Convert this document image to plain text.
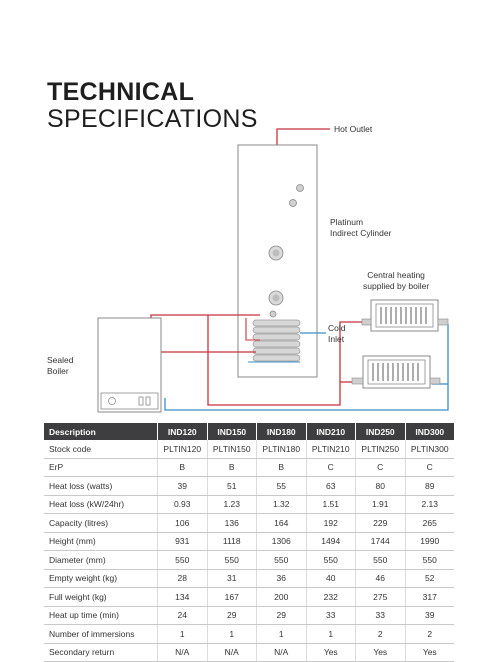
TECHNICAL
SPECIFICATIONS	Hot Outlet
Platinum
Indirect Cylinder
Central heating
supplied by boiler
Cold
Inlet
Sealed
Boiler
Description	IND120	IND150	IND180	IND210	IND250	IND300
Stock code	PLTIN120	PLTIN150	PLTIN180	PLTIN210	PLTIN250	PLTIN300
ErP	B	B	B	C	C	C
Heat loss (watts)	39	51	55	63	80	89
Heat loss (kW/24hr)	0.93	1.23	1.32	1.51	1.91	2.13
Capacity (litres)	106	136	164	192	229	265
Height (mm)	931	1118	1306	1494	1744	1990
Diameter (mm)	550	550	550	550	550	550
Empty weight (kg)	28	31	36	40	46	52
Full weight (kg)	134	167	200	232	275	317
Heat up time (min)	24	29	29	33	33	39
Number of immersions	1	1	1	1	2	2
Secondary return	N/A	N/A	N/A	Yes	Yes	Yes
